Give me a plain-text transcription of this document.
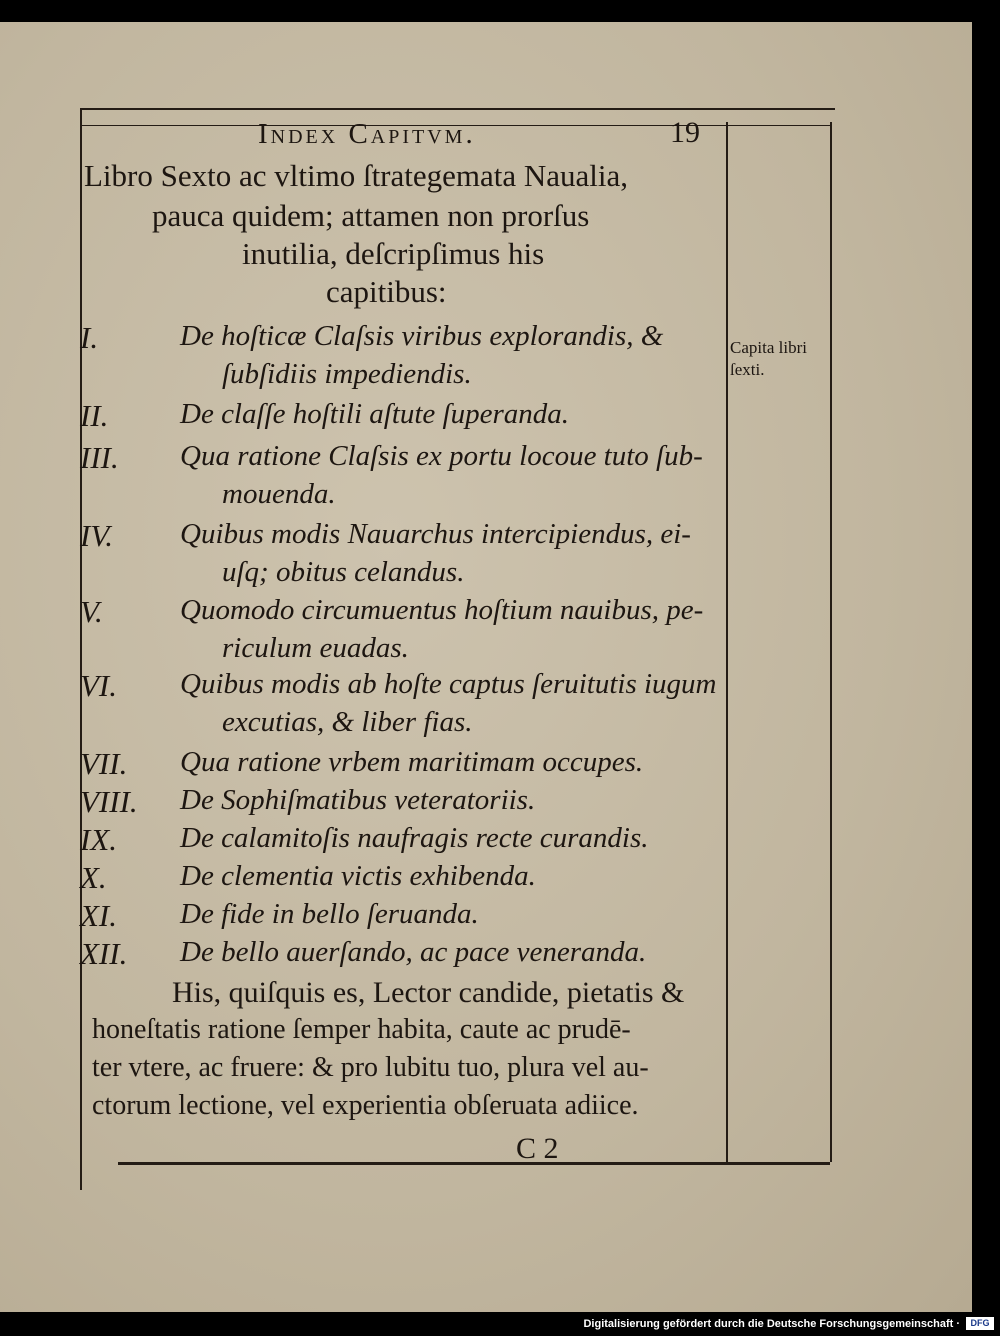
Index Capitvm.	19
Libro Sexto ac vltimo ſtrategemata Naualia,
pauca quidem; attamen non prorſus
inutilia, deſcripſimus his
capitibus:
I.	De hoſticæ Claſsis viribus explorandis, &
ſubſidiis impediendis.
II. De claſſe hoſtili aſtute ſuperanda.
III. Qua ratione Claſsis ex portu locoue tuto ſub-
mouenda.
IV. Quibus modis Nauarchus intercipiendus, ei-
uſq; obitus celandus.
V.	Quomodo circumuentus hoſtium nauibus, pe-
riculum euadas.
VI. Quibus modis ab hoſte captus ſeruitutis iugum
excutias, & liber fias.
VII. Qua ratione vrbem maritimam occupes.
VIII. De Sophiſmatibus veteratoriis.
IX. De calamitoſis naufragis recte curandis.
X.	De clementia victis exhibenda.
XI. De fide in bello ſeruanda.
XII. De bello auerſando, ac pace veneranda.
His, quiſquis es, Lector candide, pietatis &
honeſtatis ratione ſemper habita, caute ac prudē-
ter vtere, ac fruere: & pro lubitu tuo, plura vel au-
ctorum lectione, vel experientia obſeruata adiice.
Capita libri
ſexti.
C 2
Digitalisierung gefördert durch die Deutsche Forschungsgemeinschaft ·	DFG
